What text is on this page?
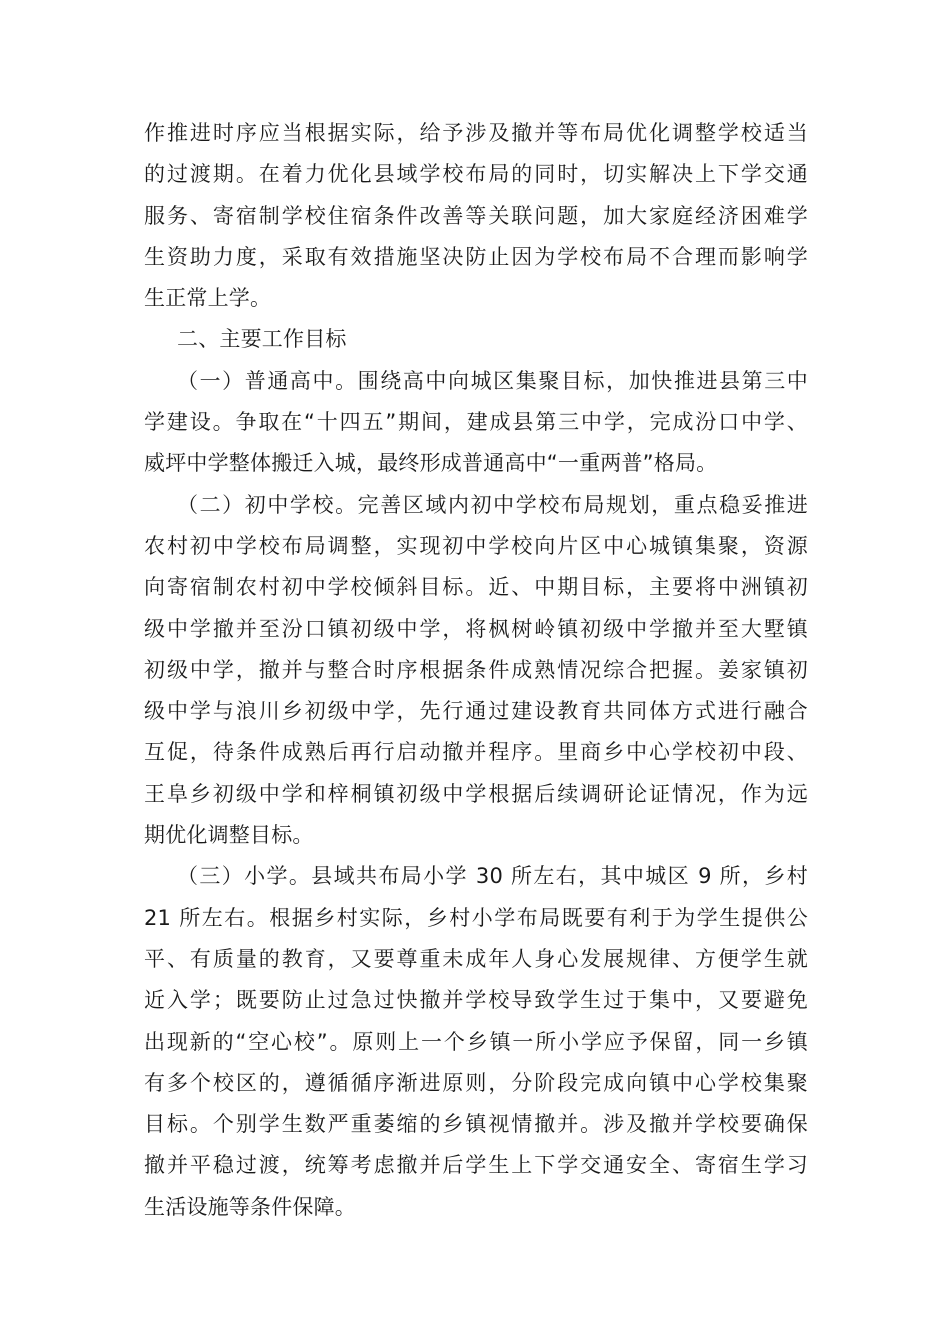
作推进时序应当根据实际，给予涉及撤并等布局优化调整学校适当
的过渡期。在着力优化县域学校布局的同时，切实解决上下学交通
服务、寄宿制学校住宿条件改善等关联问题，加大家庭经济困难学
生资助力度，采取有效措施坚决防止因为学校布局不合理而影响学
生正常上学。
二、主要工作目标
（一）普通高中。围绕高中向城区集聚目标，加快推进县第三中
学建设。争取在“十四五”期间，建成县第三中学，完成汾口中学、
威坪中学整体搬迁入城，最终形成普通高中“一重两普”格局。
（二）初中学校。完善区域内初中学校布局规划，重点稳妥推进
农村初中学校布局调整，实现初中学校向片区中心城镇集聚，资源
向寄宿制农村初中学校倾斜目标。近、中期目标，主要将中洲镇初
级中学撤并至汾口镇初级中学，将枫树岭镇初级中学撤并至大墅镇
初级中学，撤并与整合时序根据条件成熟情况综合把握。姜家镇初
级中学与浪川乡初级中学，先行通过建设教育共同体方式进行融合
互促，待条件成熟后再行启动撤并程序。里商乡中心学校初中段、
王阜乡初级中学和梓桐镇初级中学根据后续调研论证情况，作为远
期优化调整目标。
（三）小学。县域共布局小学 30 所左右，其中城区 9 所，乡村
21 所左右。根据乡村实际，乡村小学布局既要有利于为学生提供公
平、有质量的教育，又要尊重未成年人身心发展规律、方便学生就
近入学；既要防止过急过快撤并学校导致学生过于集中，又要避免
出现新的“空心校”。原则上一个乡镇一所小学应予保留，同一乡镇
有多个校区的，遵循循序渐进原则，分阶段完成向镇中心学校集聚
目标。个别学生数严重萎缩的乡镇视情撤并。涉及撤并学校要确保
撤并平稳过渡，统筹考虑撤并后学生上下学交通安全、寄宿生学习
生活设施等条件保障。
